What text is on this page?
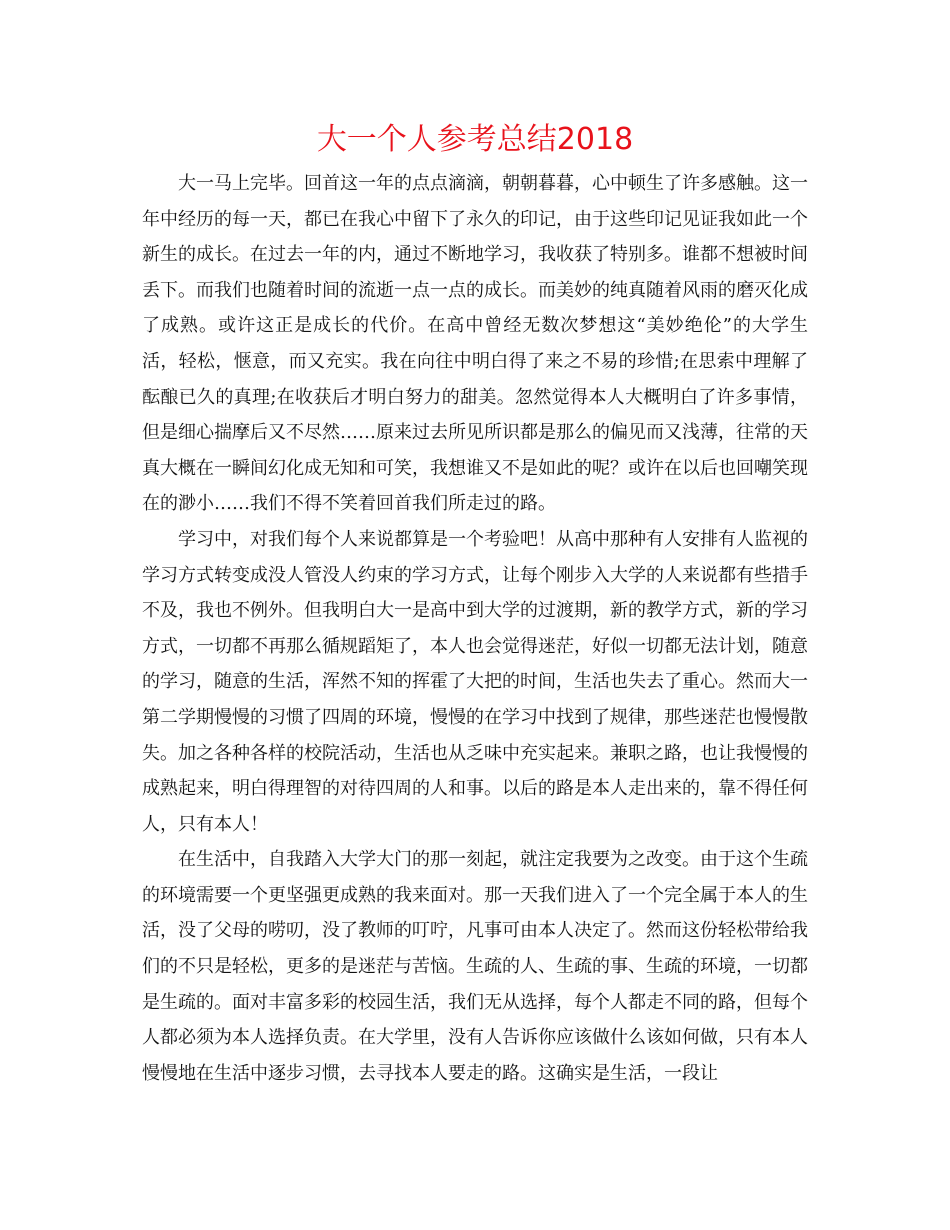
大一个人参考总结2018

大一马上完毕。回首这一年的点点滴滴，朝朝暮暮，心中顿生了许多感触。这一年中经历的每一天，都已在我心中留下了永久的印记，由于这些印记见证我如此一个新生的成长。在过去一年的内，通过不断地学习，我收获了特别多。谁都不想被时间丢下。而我们也随着时间的流逝一点一点的成长。而美妙的纯真随着风雨的磨灭化成了成熟。或许这正是成长的代价。在高中曾经无数次梦想这“美妙绝伦”的大学生活，轻松，惬意，而又充实。我在向往中明白得了来之不易的珍惜;在思索中理解了酝酿已久的真理;在收获后才明白努力的甜美。忽然觉得本人大概明白了许多事情，但是细心揣摩后又不尽然……原来过去所见所识都是那么的偏见而又浅薄，往常的天真大概在一瞬间幻化成无知和可笑，我想谁又不是如此的呢？或许在以后也回嘲笑现在的渺小……我们不得不笑着回首我们所走过的路。

学习中，对我们每个人来说都算是一个考验吧！从高中那种有人安排有人监视的学习方式转变成没人管没人约束的学习方式，让每个刚步入大学的人来说都有些措手不及，我也不例外。但我明白大一是高中到大学的过渡期，新的教学方式，新的学习方式，一切都不再那么循规蹈矩了，本人也会觉得迷茫，好似一切都无法计划，随意的学习，随意的生活，浑然不知的挥霍了大把的时间，生活也失去了重心。然而大一第二学期慢慢的习惯了四周的环境，慢慢的在学习中找到了规律，那些迷茫也慢慢散失。加之各种各样的校院活动，生活也从乏味中充实起来。兼职之路，也让我慢慢的成熟起来，明白得理智的对待四周的人和事。以后的路是本人走出来的，靠不得任何人，只有本人！

在生活中，自我踏入大学大门的那一刻起，就注定我要为之改变。由于这个生疏的环境需要一个更坚强更成熟的我来面对。那一天我们进入了一个完全属于本人的生活，没了父母的唠叨，没了教师的叮咛，凡事可由本人决定了。然而这份轻松带给我们的不只是轻松，更多的是迷茫与苦恼。生疏的人、生疏的事、生疏的环境，一切都是生疏的。面对丰富多彩的校园生活，我们无从选择，每个人都走不同的路，但每个人都必须为本人选择负责。在大学里，没有人告诉你应该做什么该如何做，只有本人慢慢地在生活中逐步习惯，去寻找本人要走的路。这确实是生活，一段让
